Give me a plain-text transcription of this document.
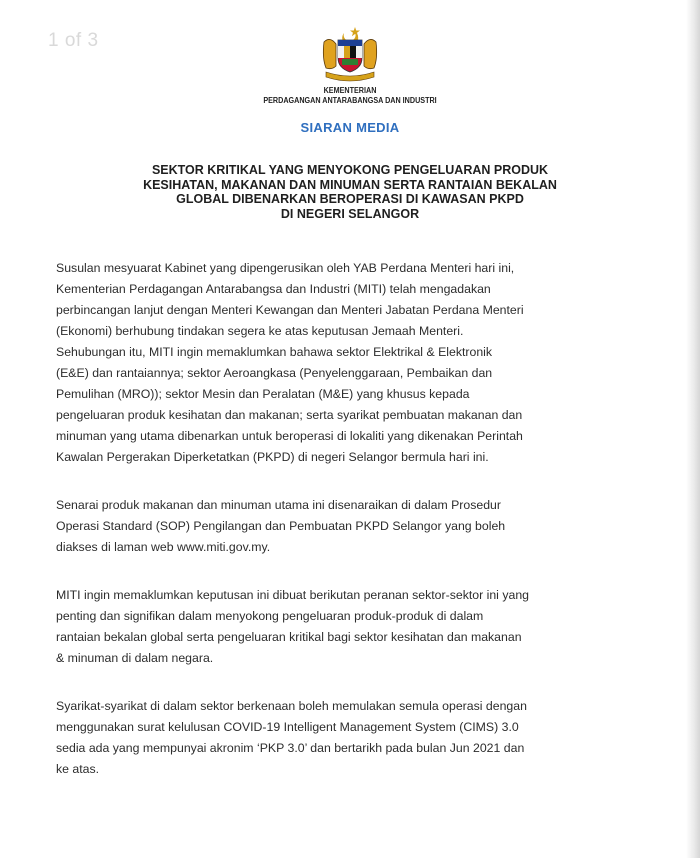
1 of 3
KEMENTERIAN
PERDAGANGAN ANTARABANGSA DAN INDUSTRI
SIARAN MEDIA
SEKTOR KRITIKAL YANG MENYOKONG PENGELUARAN PRODUK
KESIHATAN, MAKANAN DAN MINUMAN SERTA RANTAIAN BEKALAN
GLOBAL DIBENARKAN BEROPERASI DI KAWASAN PKPD
DI NEGERI SELANGOR

Susulan mesyuarat Kabinet yang dipengerusikan oleh YAB Perdana Menteri hari ini,
Kementerian Perdagangan Antarabangsa dan Industri (MITI) telah mengadakan
perbincangan lanjut dengan Menteri Kewangan dan Menteri Jabatan Perdana Menteri
(Ekonomi) berhubung tindakan segera ke atas keputusan Jemaah Menteri.
Sehubungan itu, MITI ingin memaklumkan bahawa sektor Elektrikal & Elektronik
(E&E) dan rantaiannya; sektor Aeroangkasa (Penyelenggaraan, Pembaikan dan
Pemulihan (MRO)); sektor Mesin dan Peralatan (M&E) yang khusus kepada
pengeluaran produk kesihatan dan makanan; serta syarikat pembuatan makanan dan
minuman yang utama dibenarkan untuk beroperasi di lokaliti yang dikenakan Perintah
Kawalan Pergerakan Diperketatkan (PKPD) di negeri Selangor bermula hari ini.

Senarai produk makanan dan minuman utama ini disenaraikan di dalam Prosedur
Operasi Standard (SOP) Pengilangan dan Pembuatan PKPD Selangor yang boleh
diakses di laman web www.miti.gov.my.

MITI ingin memaklumkan keputusan ini dibuat berikutan peranan sektor-sektor ini yang
penting dan signifikan dalam menyokong pengeluaran produk-produk di dalam
rantaian bekalan global serta pengeluaran kritikal bagi sektor kesihatan dan makanan
& minuman di dalam negara.

Syarikat-syarikat di dalam sektor berkenaan boleh memulakan semula operasi dengan
menggunakan surat kelulusan COVID-19 Intelligent Management System (CIMS) 3.0
sedia ada yang mempunyai akronim ‘PKP 3.0’ dan bertarikh pada bulan Jun 2021 dan
ke atas.
